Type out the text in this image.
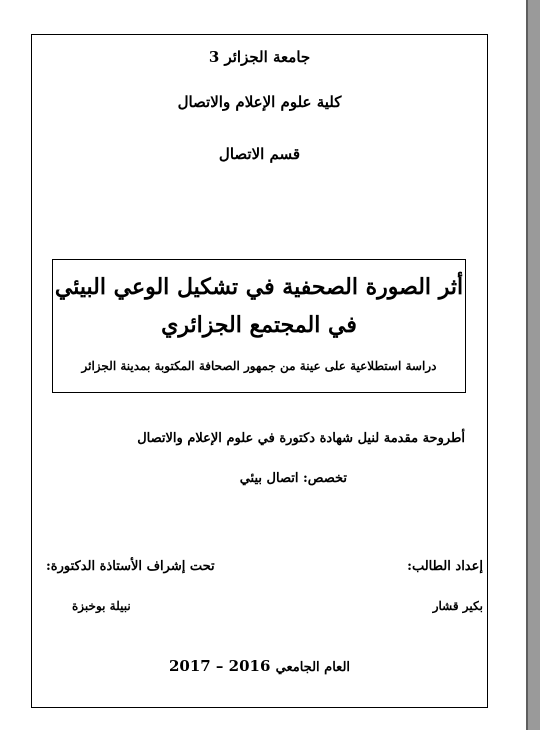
جامعة الجزائر 3
كلية علوم الإعلام والاتصال
قسم الاتصال
أثر الصورة الصحفية في تشكيل الوعي البيئي
في المجتمع الجزائري
دراسة استطلاعية على عينة من جمهور الصحافة المكتوبة بمدينة الجزائر
أطروحة مقدمة لنيل شهادة دكتورة في علوم الإعلام والاتصال
تخصص: اتصال بيئي
إعداد الطالب:
تحت إشراف الأستاذة الدكتورة:
بكير قشار
نبيلة بوخبزة
العام الجامعي 2017 – 2016
